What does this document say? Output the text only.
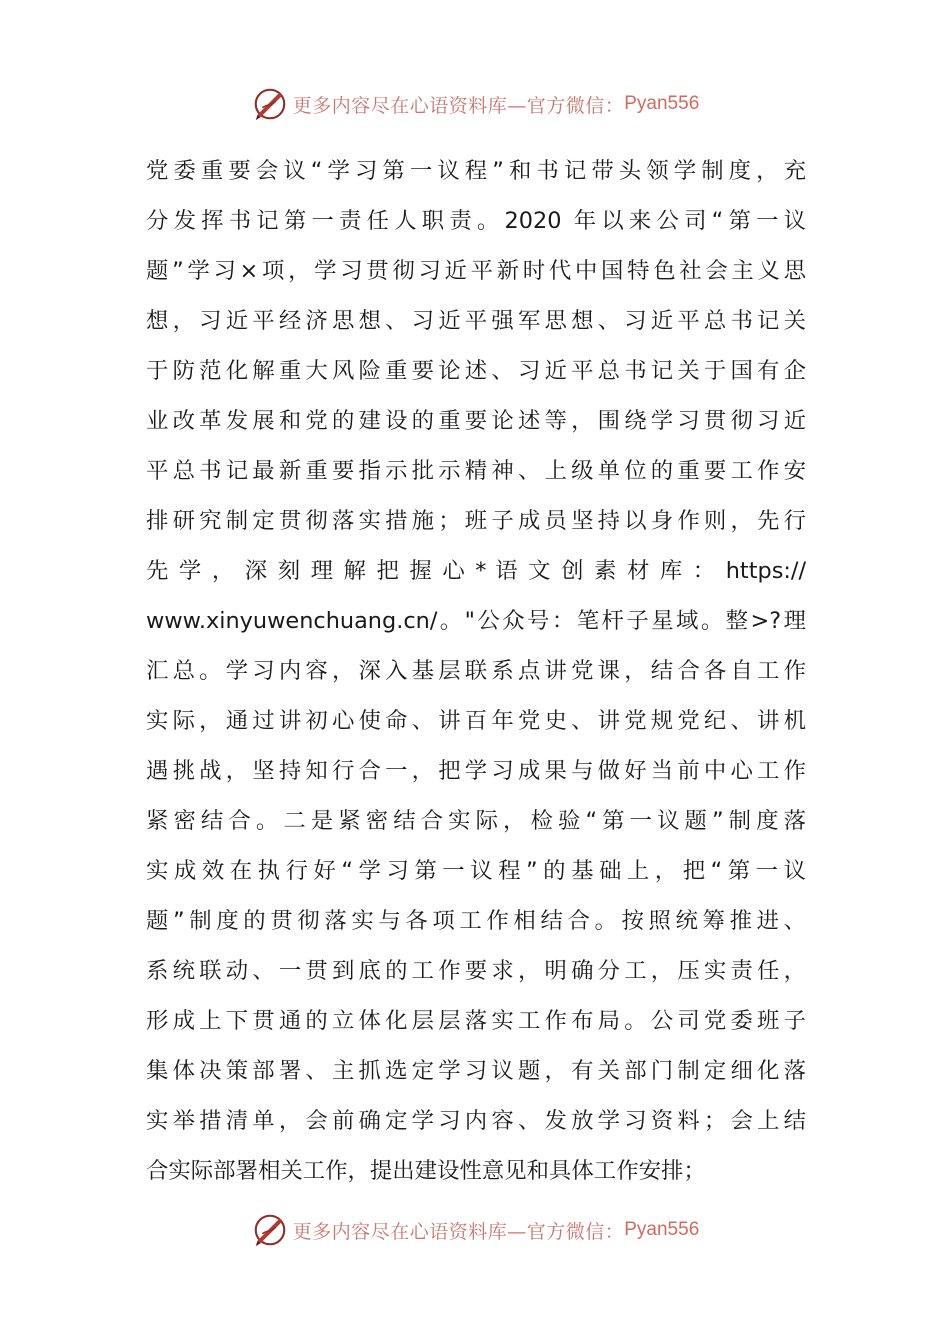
更多内容尽在心语资料库—官方微信： Pyan556
党委重要会议“学习第一议程”和书记带头领学制度，充
分发挥书记第一责任人职责。2020 年以来公司“第一议
题”学习×项，学习贯彻习近平新时代中国特色社会主义思
想，习近平经济思想、习近平强军思想、习近平总书记关
于防范化解重大风险重要论述、习近平总书记关于国有企
业改革发展和党的建设的重要论述等，围绕学习贯彻习近
平总书记最新重要指示批示精神、上级单位的重要工作安
排研究制定贯彻落实措施；班子成员坚持以身作则，先行
先 学 ， 深 刻 理 解 把 握 心 * 语 文 创 素 材 库 ： https://
www.xinyuwenchuang.cn/。"公众号：笔杆子星域。整>?理
汇总。学习内容，深入基层联系点讲党课，结合各自工作
实际，通过讲初心使命、讲百年党史、讲党规党纪、讲机
遇挑战，坚持知行合一，把学习成果与做好当前中心工作
紧密结合。二是紧密结合实际，检验“第一议题”制度落
实成效在执行好“学习第一议程”的基础上，把“第一议
题”制度的贯彻落实与各项工作相结合。按照统筹推进、
系统联动、一贯到底的工作要求，明确分工，压实责任，
形成上下贯通的立体化层层落实工作布局。公司党委班子
集体决策部署、主抓选定学习议题，有关部门制定细化落
实举措清单，会前确定学习内容、发放学习资料；会上结
合实际部署相关工作，提出建设性意见和具体工作安排；
更多内容尽在心语资料库—官方微信： Pyan556
